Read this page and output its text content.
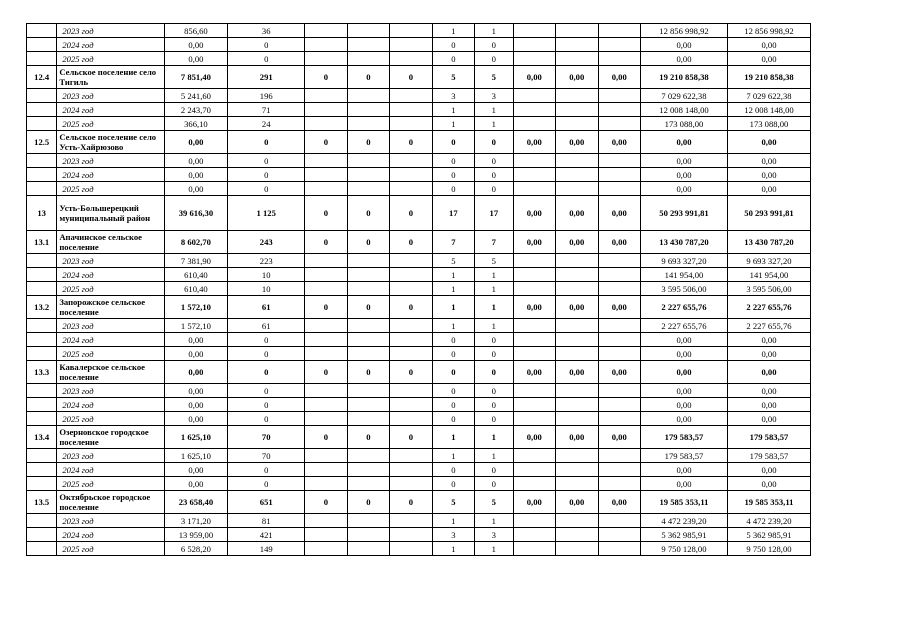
	2023 год	856,60	36				1	1				12 856 998,92	12 856 998,92
	2024 год	0,00	0				0	0				0,00	0,00
	2025 год	0,00	0				0	0				0,00	0,00
12.4	Сельское поселение село Тигиль	7 851,40	291	0	0	0	5	5	0,00	0,00	0,00	19 210 858,38	19 210 858,38
	2023 год	5 241,60	196				3	3				7 029 622,38	7 029 622,38
	2024 год	2 243,70	71				1	1				12 008 148,00	12 008 148,00
	2025 год	366,10	24				1	1				173 088,00	173 088,00
12.5	Сельское поселение село Усть-Хайрюзово	0,00	0	0	0	0	0	0	0,00	0,00	0,00	0,00	0,00
	2023 год	0,00	0				0	0				0,00	0,00
	2024 год	0,00	0				0	0				0,00	0,00
	2025 год	0,00	0				0	0				0,00	0,00
13	Усть-Большерецкий муниципальный район	39 616,30	1 125	0	0	0	17	17	0,00	0,00	0,00	50 293 991,81	50 293 991,81
13.1	Апачинское сельское поселение	8 602,70	243	0	0	0	7	7	0,00	0,00	0,00	13 430 787,20	13 430 787,20
	2023 год	7 381,90	223				5	5				9 693 327,20	9 693 327,20
	2024 год	610,40	10				1	1				141 954,00	141 954,00
	2025 год	610,40	10				1	1				3 595 506,00	3 595 506,00
13.2	Запорожское сельское поселение	1 572,10	61	0	0	0	1	1	0,00	0,00	0,00	2 227 655,76	2 227 655,76
	2023 год	1 572,10	61				1	1				2 227 655,76	2 227 655,76
	2024 год	0,00	0				0	0				0,00	0,00
	2025 год	0,00	0				0	0				0,00	0,00
13.3	Кавалерское сельское поселение	0,00	0	0	0	0	0	0	0,00	0,00	0,00	0,00	0,00
	2023 год	0,00	0				0	0				0,00	0,00
	2024 год	0,00	0				0	0				0,00	0,00
	2025 год	0,00	0				0	0				0,00	0,00
13.4	Озерновское городское поселение	1 625,10	70	0	0	0	1	1	0,00	0,00	0,00	179 583,57	179 583,57
	2023 год	1 625,10	70				1	1				179 583,57	179 583,57
	2024 год	0,00	0				0	0				0,00	0,00
	2025 год	0,00	0				0	0				0,00	0,00
13.5	Октябрьское городское поселение	23 658,40	651	0	0	0	5	5	0,00	0,00	0,00	19 585 353,11	19 585 353,11
	2023 год	3 171,20	81				1	1				4 472 239,20	4 472 239,20
	2024 год	13 959,00	421				3	3				5 362 985,91	5 362 985,91
	2025 год	6 528,20	149				1	1				9 750 128,00	9 750 128,00
